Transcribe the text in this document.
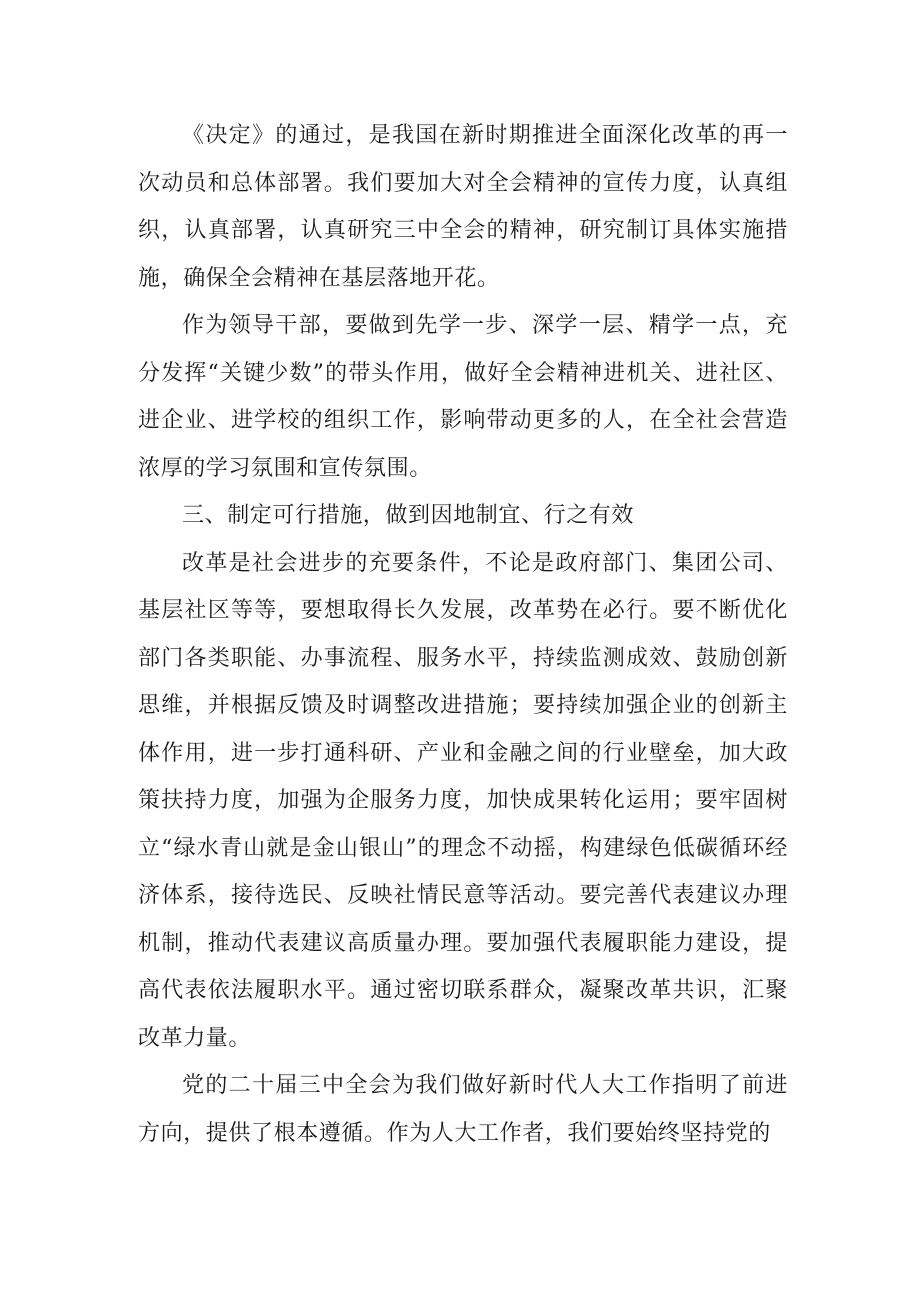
《决定》的通过，是我国在新时期推进全面深化改革的再一次动员和总体部署。我们要加大对全会精神的宣传力度，认真组织，认真部署，认真研究三中全会的精神，研究制订具体实施措施，确保全会精神在基层落地开花。

作为领导干部，要做到先学一步、深学一层、精学一点，充分发挥“关键少数”的带头作用，做好全会精神进机关、进社区、进企业、进学校的组织工作，影响带动更多的人，在全社会营造浓厚的学习氛围和宣传氛围。

三、制定可行措施，做到因地制宜、行之有效

改革是社会进步的充要条件，不论是政府部门、集团公司、基层社区等等，要想取得长久发展，改革势在必行。要不断优化部门各类职能、办事流程、服务水平，持续监测成效、鼓励创新思维，并根据反馈及时调整改进措施；要持续加强企业的创新主体作用，进一步打通科研、产业和金融之间的行业壁垒，加大政策扶持力度，加强为企服务力度，加快成果转化运用；要牢固树立“绿水青山就是金山银山”的理念不动摇，构建绿色低碳循环经济体系，接待选民、反映社情民意等活动。要完善代表建议办理机制，推动代表建议高质量办理。要加强代表履职能力建设，提高代表依法履职水平。通过密切联系群众，凝聚改革共识，汇聚改革力量。

党的二十届三中全会为我们做好新时代人大工作指明了前进方向，提供了根本遵循。作为人大工作者，我们要始终坚持党的
